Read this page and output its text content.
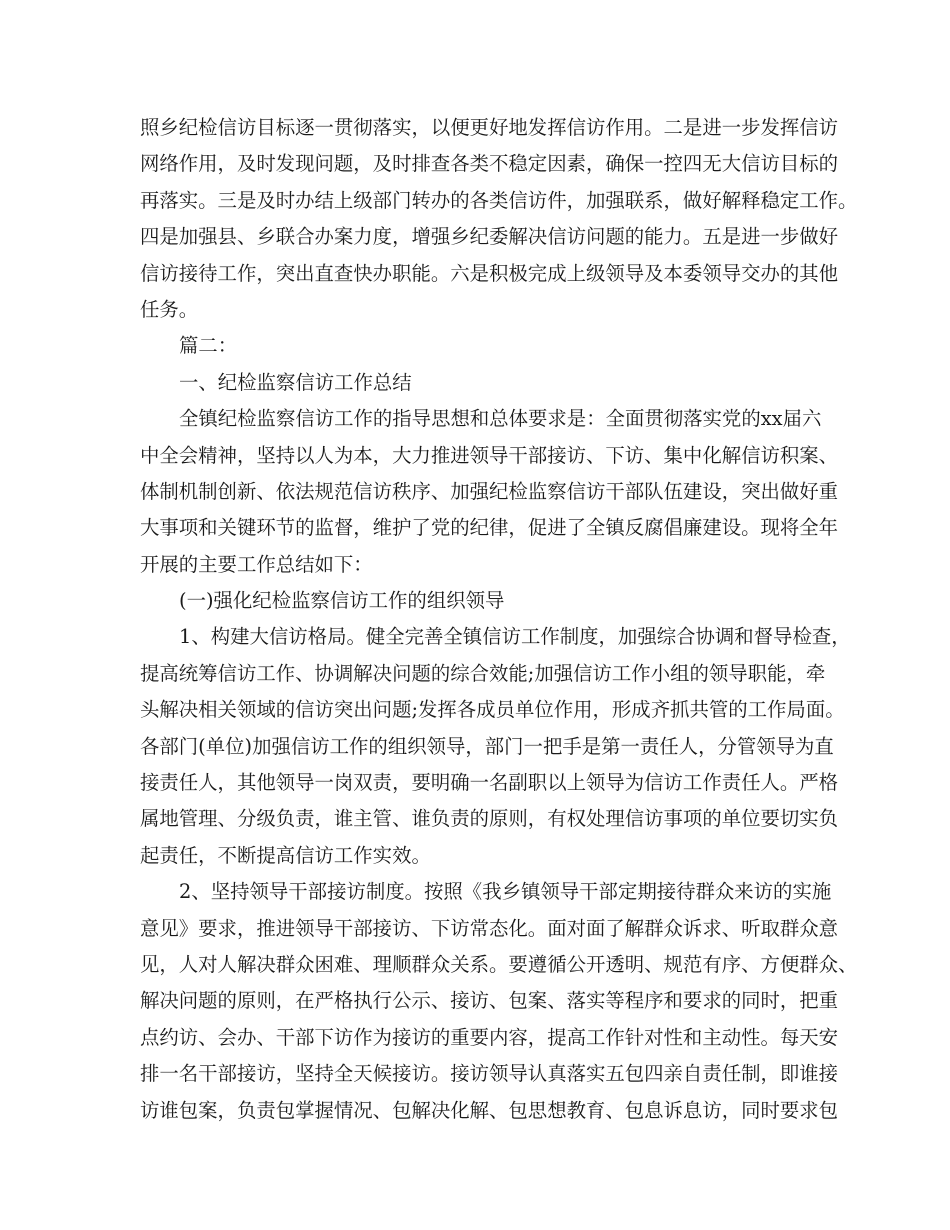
照乡纪检信访目标逐一贯彻落实，以便更好地发挥信访作用。二是进一步发挥信访
网络作用，及时发现问题，及时排查各类不稳定因素，确保一控四无大信访目标的
再落实。三是及时办结上级部门转办的各类信访件，加强联系，做好解释稳定工作。
四是加强县、乡联合办案力度，增强乡纪委解决信访问题的能力。五是进一步做好
信访接待工作，突出直查快办职能。六是积极完成上级领导及本委领导交办的其他
任务。
篇二：
一、纪检监察信访工作总结
全镇纪检监察信访工作的指导思想和总体要求是：全面贯彻落实党的xx届六
中全会精神，坚持以人为本，大力推进领导干部接访、下访、集中化解信访积案、
体制机制创新、依法规范信访秩序、加强纪检监察信访干部队伍建设，突出做好重
大事项和关键环节的监督，维护了党的纪律，促进了全镇反腐倡廉建设。现将全年
开展的主要工作总结如下：
(一)强化纪检监察信访工作的组织领导
1、构建大信访格局。健全完善全镇信访工作制度，加强综合协调和督导检查，
提高统筹信访工作、协调解决问题的综合效能;加强信访工作小组的领导职能，牵
头解决相关领域的信访突出问题;发挥各成员单位作用，形成齐抓共管的工作局面。
各部门(单位)加强信访工作的组织领导，部门一把手是第一责任人，分管领导为直
接责任人，其他领导一岗双责，要明确一名副职以上领导为信访工作责任人。严格
属地管理、分级负责，谁主管、谁负责的原则，有权处理信访事项的单位要切实负
起责任，不断提高信访工作实效。
2、坚持领导干部接访制度。按照《我乡镇领导干部定期接待群众来访的实施
意见》要求，推进领导干部接访、下访常态化。面对面了解群众诉求、听取群众意
见，人对人解决群众困难、理顺群众关系。要遵循公开透明、规范有序、方便群众、
解决问题的原则，在严格执行公示、接访、包案、落实等程序和要求的同时，把重
点约访、会办、干部下访作为接访的重要内容，提高工作针对性和主动性。每天安
排一名干部接访，坚持全天候接访。接访领导认真落实五包四亲自责任制，即谁接
访谁包案，负责包掌握情况、包解决化解、包思想教育、包息诉息访，同时要求包
